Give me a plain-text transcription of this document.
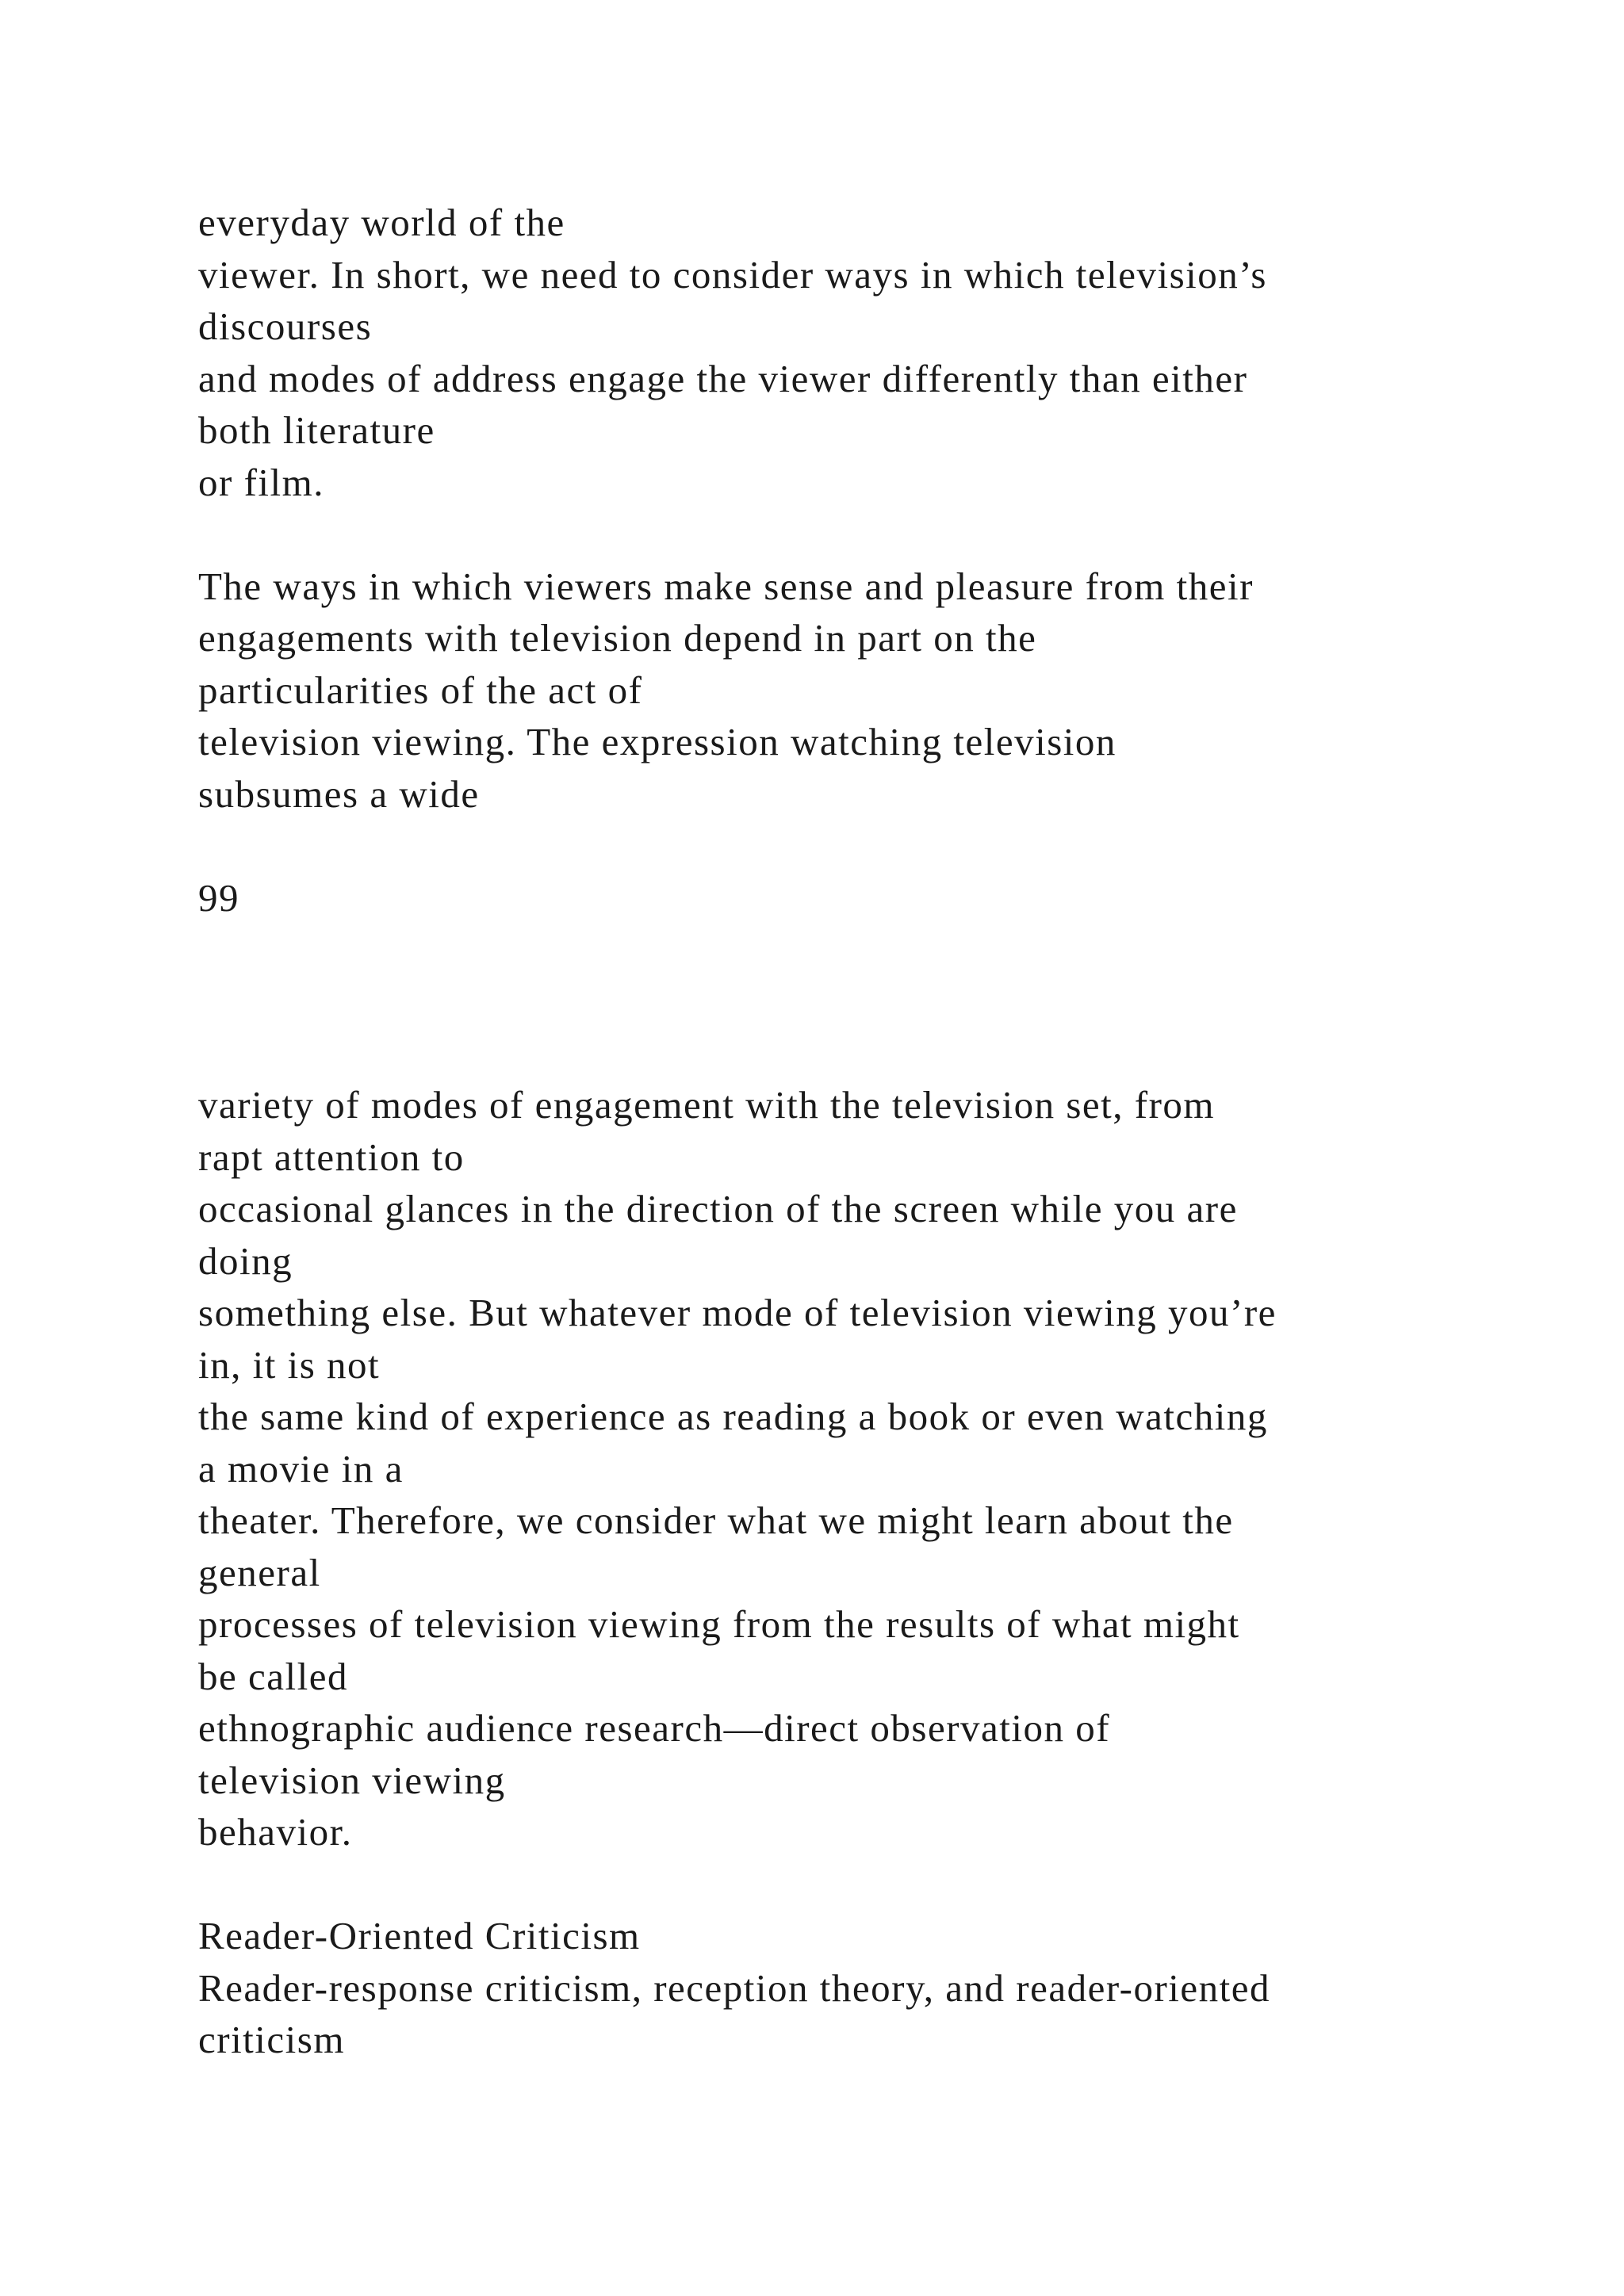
everyday world of the
viewer. In short, we need to consider ways in which television’s
discourses
and modes of address engage the viewer differently than either
both literature
or film.
The ways in which viewers make sense and pleasure from their
engagements with television depend in part on the
particularities of the act of
television viewing. The expression watching television
subsumes a wide
99
variety of modes of engagement with the television set, from
rapt attention to
occasional glances in the direction of the screen while you are
doing
something else. But whatever mode of television viewing you’re
in, it is not
the same kind of experience as reading a book or even watching
a movie in a
theater. Therefore, we consider what we might learn about the
general
processes of television viewing from the results of what might
be called
ethnographic audience research—direct observation of
television viewing
behavior.
Reader-Oriented Criticism
Reader-response criticism, reception theory, and reader-oriented
criticism
